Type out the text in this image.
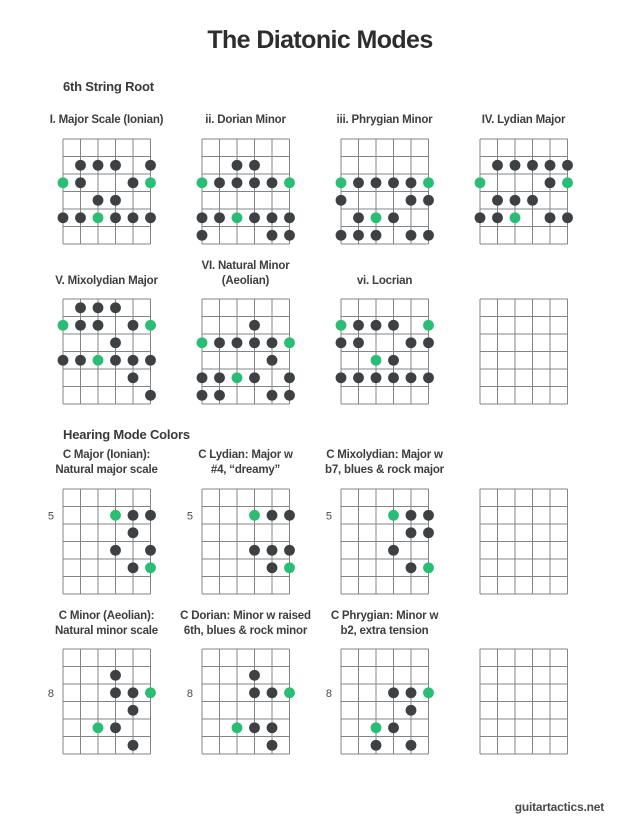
The Diatonic Modes
6th String Root
I. Major Scale (Ionian)	ii. Dorian Minor	iii. Phrygian Minor	IV. Lydian Major
V. Mixolydian Major
VI. Natural Minor
(Aeolian)	vi. Locrian
Hearing Mode Colors
C Major (Ionian):
Natural major scale
5
C Lydian: Major w
#4, “dreamy”
5
C Mixolydian: Major w
b7, blues & rock major
5
C Minor (Aeolian):
Natural minor scale
8
C Dorian: Minor w raised
6th, blues & rock minor
8
C Phrygian: Minor w
b2, extra tension
8
guitartactics.net
